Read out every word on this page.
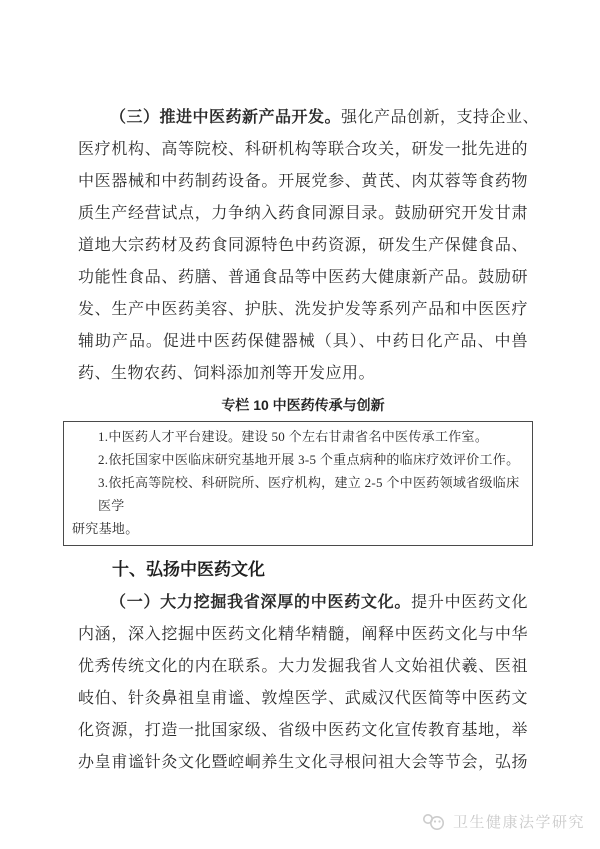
（三）推进中医药新产品开发。强化产品创新，支持企业、
医疗机构、高等院校、科研机构等联合攻关，研发一批先进的
中医器械和中药制药设备。开展党参、黄芪、肉苁蓉等食药物
质生产经营试点，力争纳入药食同源目录。鼓励研究开发甘肃
道地大宗药材及药食同源特色中药资源，研发生产保健食品、
功能性食品、药膳、普通食品等中医药大健康新产品。鼓励研
发、生产中医药美容、护肤、洗发护发等系列产品和中医医疗
辅助产品。促进中医药保健器械（具）、中药日化产品、中兽
药、生物农药、饲料添加剂等开发应用。
专栏 10 中医药传承与创新
1.中医药人才平台建设。建设 50 个左右甘肃省名中医传承工作室。
2.依托国家中医临床研究基地开展 3-5 个重点病种的临床疗效评价工作。
3.依托高等院校、科研院所、医疗机构，建立 2-5 个中医药领域省级临床医学
研究基地。
十、弘扬中医药文化
（一）大力挖掘我省深厚的中医药文化。提升中医药文化
内涵，深入挖掘中医药文化精华精髓，阐释中医药文化与中华
优秀传统文化的内在联系。大力发掘我省人文始祖伏羲、医祖
岐伯、针灸鼻祖皇甫谧、敦煌医学、武威汉代医简等中医药文
化资源，打造一批国家级、省级中医药文化宣传教育基地，举
办皇甫谧针灸文化暨崆峒养生文化寻根问祖大会等节会，弘扬
卫生健康法学研究
